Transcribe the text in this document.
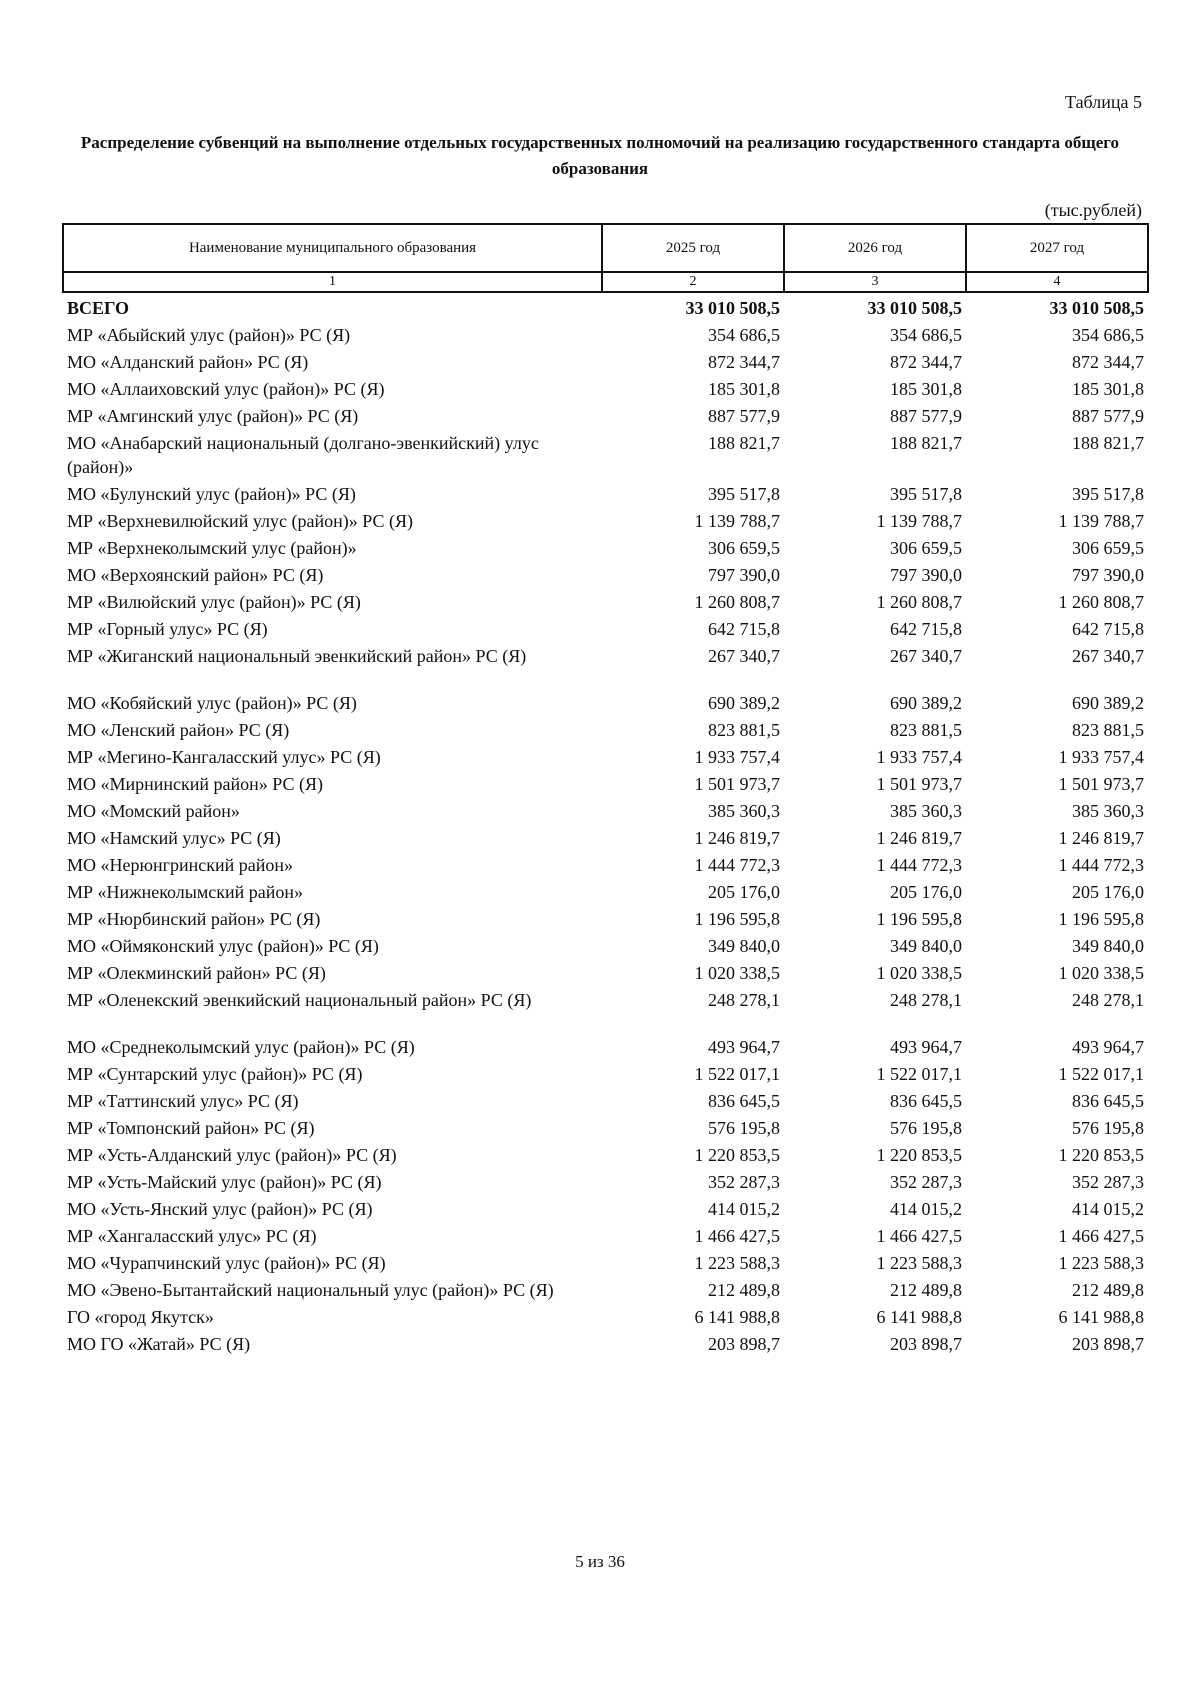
Таблица 5
Распределение субвенций на выполнение отдельных государственных полномочий на реализацию государственного стандарта общего образования
(тыс.рублей)
Наименование муниципального образования	2025 год	2026 год	2027 год
1	2	3	4
ВСЕГО	33 010 508,5	33 010 508,5	33 010 508,5
МР «Абыйский улус (район)» РС (Я)	354 686,5	354 686,5	354 686,5
МО «Алданский район» РС (Я)	872 344,7	872 344,7	872 344,7
МО «Аллаиховский улус (район)» РС (Я)	185 301,8	185 301,8	185 301,8
МР «Амгинский улус (район)» РС (Я)	887 577,9	887 577,9	887 577,9
МО «Анабарский национальный (долгано-эвенкийский) улус (район)»	188 821,7	188 821,7	188 821,7
МО «Булунский улус (район)» РС (Я)	395 517,8	395 517,8	395 517,8
МР «Верхневилюйский улус (район)» РС (Я)	1 139 788,7	1 139 788,7	1 139 788,7
МР «Верхнеколымский улус (район)»	306 659,5	306 659,5	306 659,5
МО «Верхоянский район» РС (Я)	797 390,0	797 390,0	797 390,0
МР «Вилюйский улус (район)» РС (Я)	1 260 808,7	1 260 808,7	1 260 808,7
МР «Горный улус» РС (Я)	642 715,8	642 715,8	642 715,8
МР «Жиганский национальный эвенкийский район» РС (Я)	267 340,7	267 340,7	267 340,7
МО «Кобяйский улус (район)» РС (Я)	690 389,2	690 389,2	690 389,2
МО «Ленский район» РС (Я)	823 881,5	823 881,5	823 881,5
МР «Мегино-Кангаласский улус» РС (Я)	1 933 757,4	1 933 757,4	1 933 757,4
МО «Мирнинский район» РС (Я)	1 501 973,7	1 501 973,7	1 501 973,7
МО «Момский район»	385 360,3	385 360,3	385 360,3
МО «Намский улус» РС (Я)	1 246 819,7	1 246 819,7	1 246 819,7
МО «Нерюнгринский район»	1 444 772,3	1 444 772,3	1 444 772,3
МР «Нижнеколымский район»	205 176,0	205 176,0	205 176,0
МР «Нюрбинский район» РС (Я)	1 196 595,8	1 196 595,8	1 196 595,8
МО «Оймяконский улус (район)» РС (Я)	349 840,0	349 840,0	349 840,0
МР «Олекминский район» РС (Я)	1 020 338,5	1 020 338,5	1 020 338,5
МР «Оленекский эвенкийский национальный район» РС (Я)	248 278,1	248 278,1	248 278,1
МО «Среднеколымский улус (район)» РС (Я)	493 964,7	493 964,7	493 964,7
МР «Сунтарский улус (район)» РС (Я)	1 522 017,1	1 522 017,1	1 522 017,1
МР «Таттинский улус» РС (Я)	836 645,5	836 645,5	836 645,5
МР «Томпонский район» РС (Я)	576 195,8	576 195,8	576 195,8
МР «Усть-Алданский улус (район)» РС (Я)	1 220 853,5	1 220 853,5	1 220 853,5
МР «Усть-Майский улус (район)» РС (Я)	352 287,3	352 287,3	352 287,3
МО «Усть-Янский улус (район)» РС (Я)	414 015,2	414 015,2	414 015,2
МР «Хангаласский улус» РС (Я)	1 466 427,5	1 466 427,5	1 466 427,5
МО «Чурапчинский улус (район)» РС (Я)	1 223 588,3	1 223 588,3	1 223 588,3
МО «Эвено-Бытантайский национальный улус (район)» РС (Я)	212 489,8	212 489,8	212 489,8
ГО «город Якутск»	6 141 988,8	6 141 988,8	6 141 988,8
МО ГО «Жатай» РС (Я)	203 898,7	203 898,7	203 898,7
5 из 36
